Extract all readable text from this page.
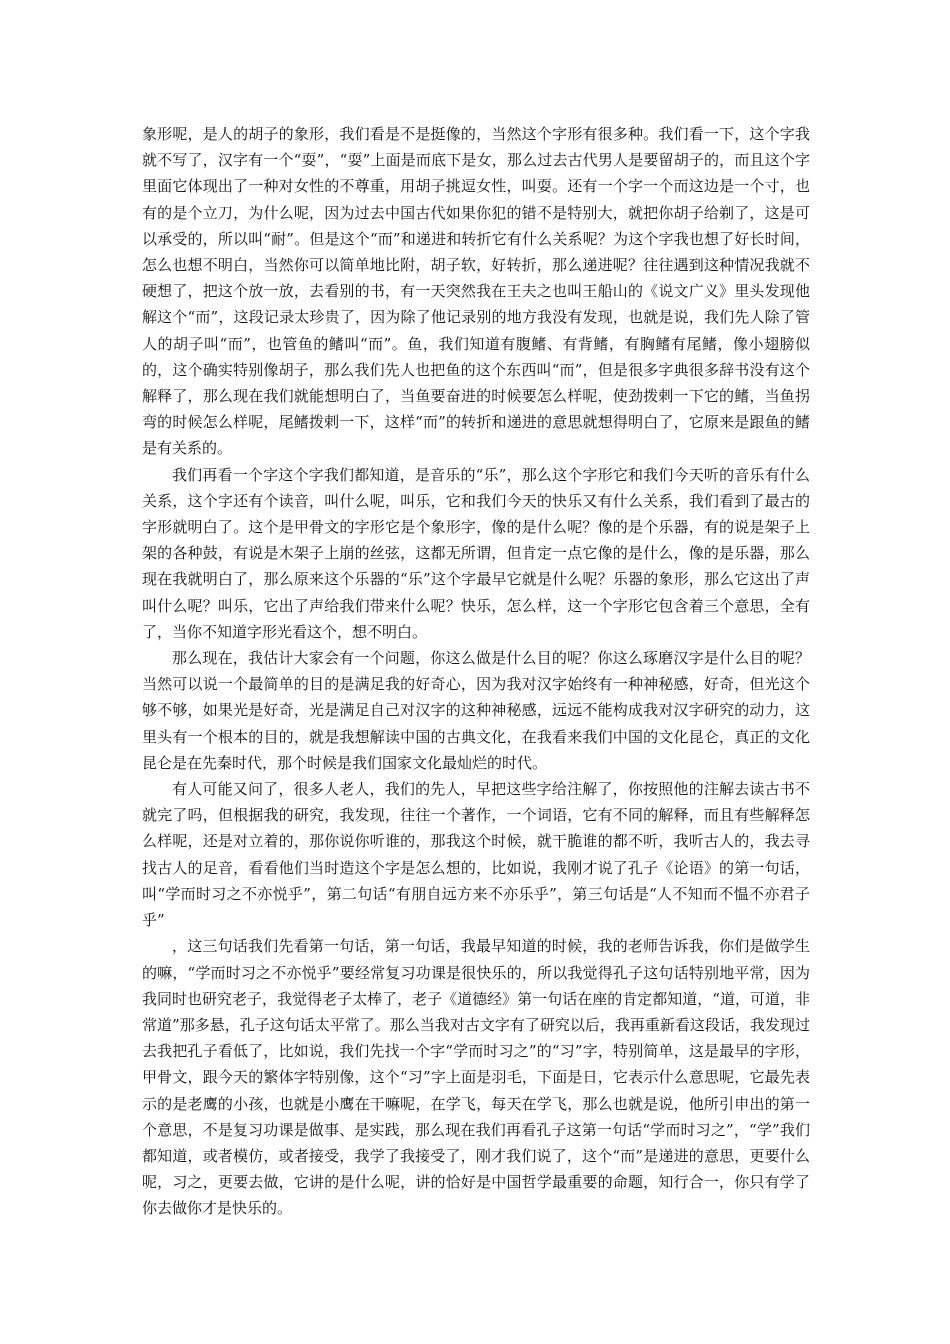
象形呢，是人的胡子的象形，我们看是不是挺像的，当然这个字形有很多种。我们看一下，这个字我就不写了，汉字有一个“耍”，“耍”上面是而底下是女，那么过去古代男人是要留胡子的，而且这个字里面它体现出了一种对女性的不尊重，用胡子挑逗女性，叫耍。还有一个字一个而这边是一个寸，也有的是个立刀，为什么呢，因为过去中国古代如果你犯的错不是特别大，就把你胡子给剃了，这是可以承受的，所以叫“耐”。但是这个“而”和递进和转折它有什么关系呢？为这个字我也想了好长时间，怎么也想不明白，当然你可以简单地比附，胡子软，好转折，那么递进呢？往往遇到这种情况我就不硬想了，把这个放一放，去看别的书，有一天突然我在王夫之也叫王船山的《说文广义》里头发现他解这个“而”，这段记录太珍贵了，因为除了他记录别的地方我没有发现，也就是说，我们先人除了管人的胡子叫“而”，也管鱼的鳍叫“而”。鱼，我们知道有腹鳍、有背鳍，有胸鳍有尾鳍，像小翅膀似的，这个确实特别像胡子，那么我们先人也把鱼的这个东西叫“而”，但是很多字典很多辞书没有这个解释了，那么现在我们就能想明白了，当鱼要奋进的时候要怎么样呢，使劲拨剌一下它的鳍，当鱼拐弯的时候怎么样呢，尾鳍拨剌一下，这样“而”的转折和递进的意思就想得明白了，它原来是跟鱼的鳍是有关系的。

我们再看一个字这个字我们都知道，是音乐的“乐”，那么这个字形它和我们今天听的音乐有什么关系，这个字还有个读音，叫什么呢，叫乐，它和我们今天的快乐又有什么关系，我们看到了最古的字形就明白了。这个是甲骨文的字形它是个象形字，像的是什么呢？像的是个乐器，有的说是架子上架的各种鼓，有说是木架子上崩的丝弦，这都无所谓，但肯定一点它像的是什么，像的是乐器，那么现在我就明白了，那么原来这个乐器的“乐”这个字最早它就是什么呢？乐器的象形，那么它这出了声叫什么呢？叫乐，它出了声给我们带来什么呢？快乐，怎么样，这一个字形它包含着三个意思，全有了，当你不知道字形光看这个，想不明白。

那么现在，我估计大家会有一个问题，你这么做是什么目的呢？你这么琢磨汉字是什么目的呢？当然可以说一个最简单的目的是满足我的好奇心，因为我对汉字始终有一种神秘感，好奇，但光这个够不够，如果光是好奇，光是满足自己对汉字的这种神秘感，远远不能构成我对汉字研究的动力，这里头有一个根本的目的，就是我想解读中国的古典文化，在我看来我们中国的文化昆仑，真正的文化昆仑是在先秦时代，那个时候是我们国家文化最灿烂的时代。

有人可能又问了，很多人老人，我们的先人，早把这些字给注解了，你按照他的注解去读古书不就完了吗，但根据我的研究，我发现，往往一个著作，一个词语，它有不同的解释，而且有些解释怎么样呢，还是对立着的，那你说你听谁的，那我这个时候，就干脆谁的都不听，我听古人的，我去寻找古人的足音，看看他们当时造这个字是怎么想的，比如说，我刚才说了孔子《论语》的第一句话，叫“学而时习之不亦悦乎”，第二句话“有朋自远方来不亦乐乎”，第三句话是“人不知而不愠不亦君子乎”

，这三句话我们先看第一句话，第一句话，我最早知道的时候，我的老师告诉我，你们是做学生的嘛，“学而时习之不亦悦乎”要经常复习功课是很快乐的，所以我觉得孔子这句话特别地平常，因为我同时也研究老子，我觉得老子太棒了，老子《道德经》第一句话在座的肯定都知道，“道，可道，非常道”那多悬，孔子这句话太平常了。那么当我对古文字有了研究以后，我再重新看这段话，我发现过去我把孔子看低了，比如说，我们先找一个字“学而时习之”的“习”字，特别简单，这是最早的字形，甲骨文，跟今天的繁体字特别像，这个“习”字上面是羽毛，下面是日，它表示什么意思呢，它最先表示的是老鹰的小孩，也就是小鹰在干嘛呢，在学飞，每天在学飞，那么也就是说，他所引申出的第一个意思，不是复习功课是做事、是实践，那么现在我们再看孔子这第一句话“学而时习之”，“学”我们都知道，或者模仿，或者接受，我学了我接受了，刚才我们说了，这个“而”是递进的意思，更要什么呢，习之，更要去做，它讲的是什么呢，讲的恰好是中国哲学最重要的命题，知行合一，你只有学了你去做你才是快乐的。
